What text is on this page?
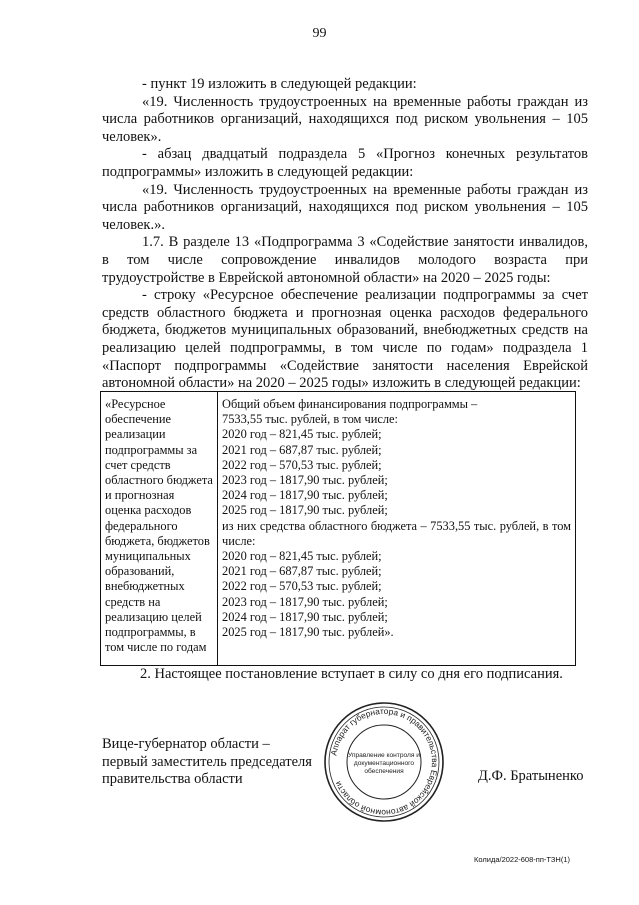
99

- пункт 19 изложить в следующей редакции:

«19. Численность трудоустроенных на временные работы граждан из числа работников организаций, находящихся под риском увольнения – 105 человек».

- абзац двадцатый подраздела 5 «Прогноз конечных результатов подпрограммы» изложить в следующей редакции:

«19. Численность трудоустроенных на временные работы граждан из числа работников организаций, находящихся под риском увольнения – 105 человек.».

1.7. В разделе 13 «Подпрограмма 3 «Содействие занятости инвалидов, в том числе сопровождение инвалидов молодого возраста при трудоустройстве в Еврейской автономной области» на 2020 – 2025 годы:

- строку «Ресурсное обеспечение реализации подпрограммы за счет средств областного бюджета и прогнозная оценка расходов федерального бюджета, бюджетов муниципальных образований, внебюджетных средств на реализацию целей подпрограммы, в том числе по годам» подраздела 1 «Паспорт подпрограммы «Содействие занятости населения Еврейской автономной области» на 2020 – 2025 годы» изложить в следующей редакции:

«Ресурсное обеспечение реализации подпрограммы за счет средств областного бюджета и прогнозная оценка расходов федерального бюджета, бюджетов муниципальных образований, внебюджетных средств на реализацию целей подпрограммы, в том числе по годам	
Общий объем финансирования подпрограммы –
7533,55 тыс. рублей, в том числе:
2020 год – 821,45 тыс. рублей;
2021 год – 687,87 тыс. рублей;
2022 год – 570,53 тыс. рублей;
2023 год – 1817,90 тыс. рублей;
2024 год – 1817,90 тыс. рублей;
2025 год – 1817,90 тыс. рублей;
из них средства областного бюджета – 7533,55 тыс. рублей, в том числе:
2020 год – 821,45 тыс. рублей;
2021 год – 687,87 тыс. рублей;
2022 год – 570,53 тыс. рублей;
2023 год – 1817,90 тыс. рублей;
2024 год – 1817,90 тыс. рублей;
2025 год – 1817,90 тыс. рублей».
2. Настоящее постановление вступает в силу со дня его подписания.
Вице-губернатор области –
первый заместитель председателя
правительства области
Аппарат губернатора и правительства Еврейской автономной области
Управление контроля и
документационного
обеспечения	Д.Ф. Братыненко
Колида/2022-608-пп-ТЗН(1)
